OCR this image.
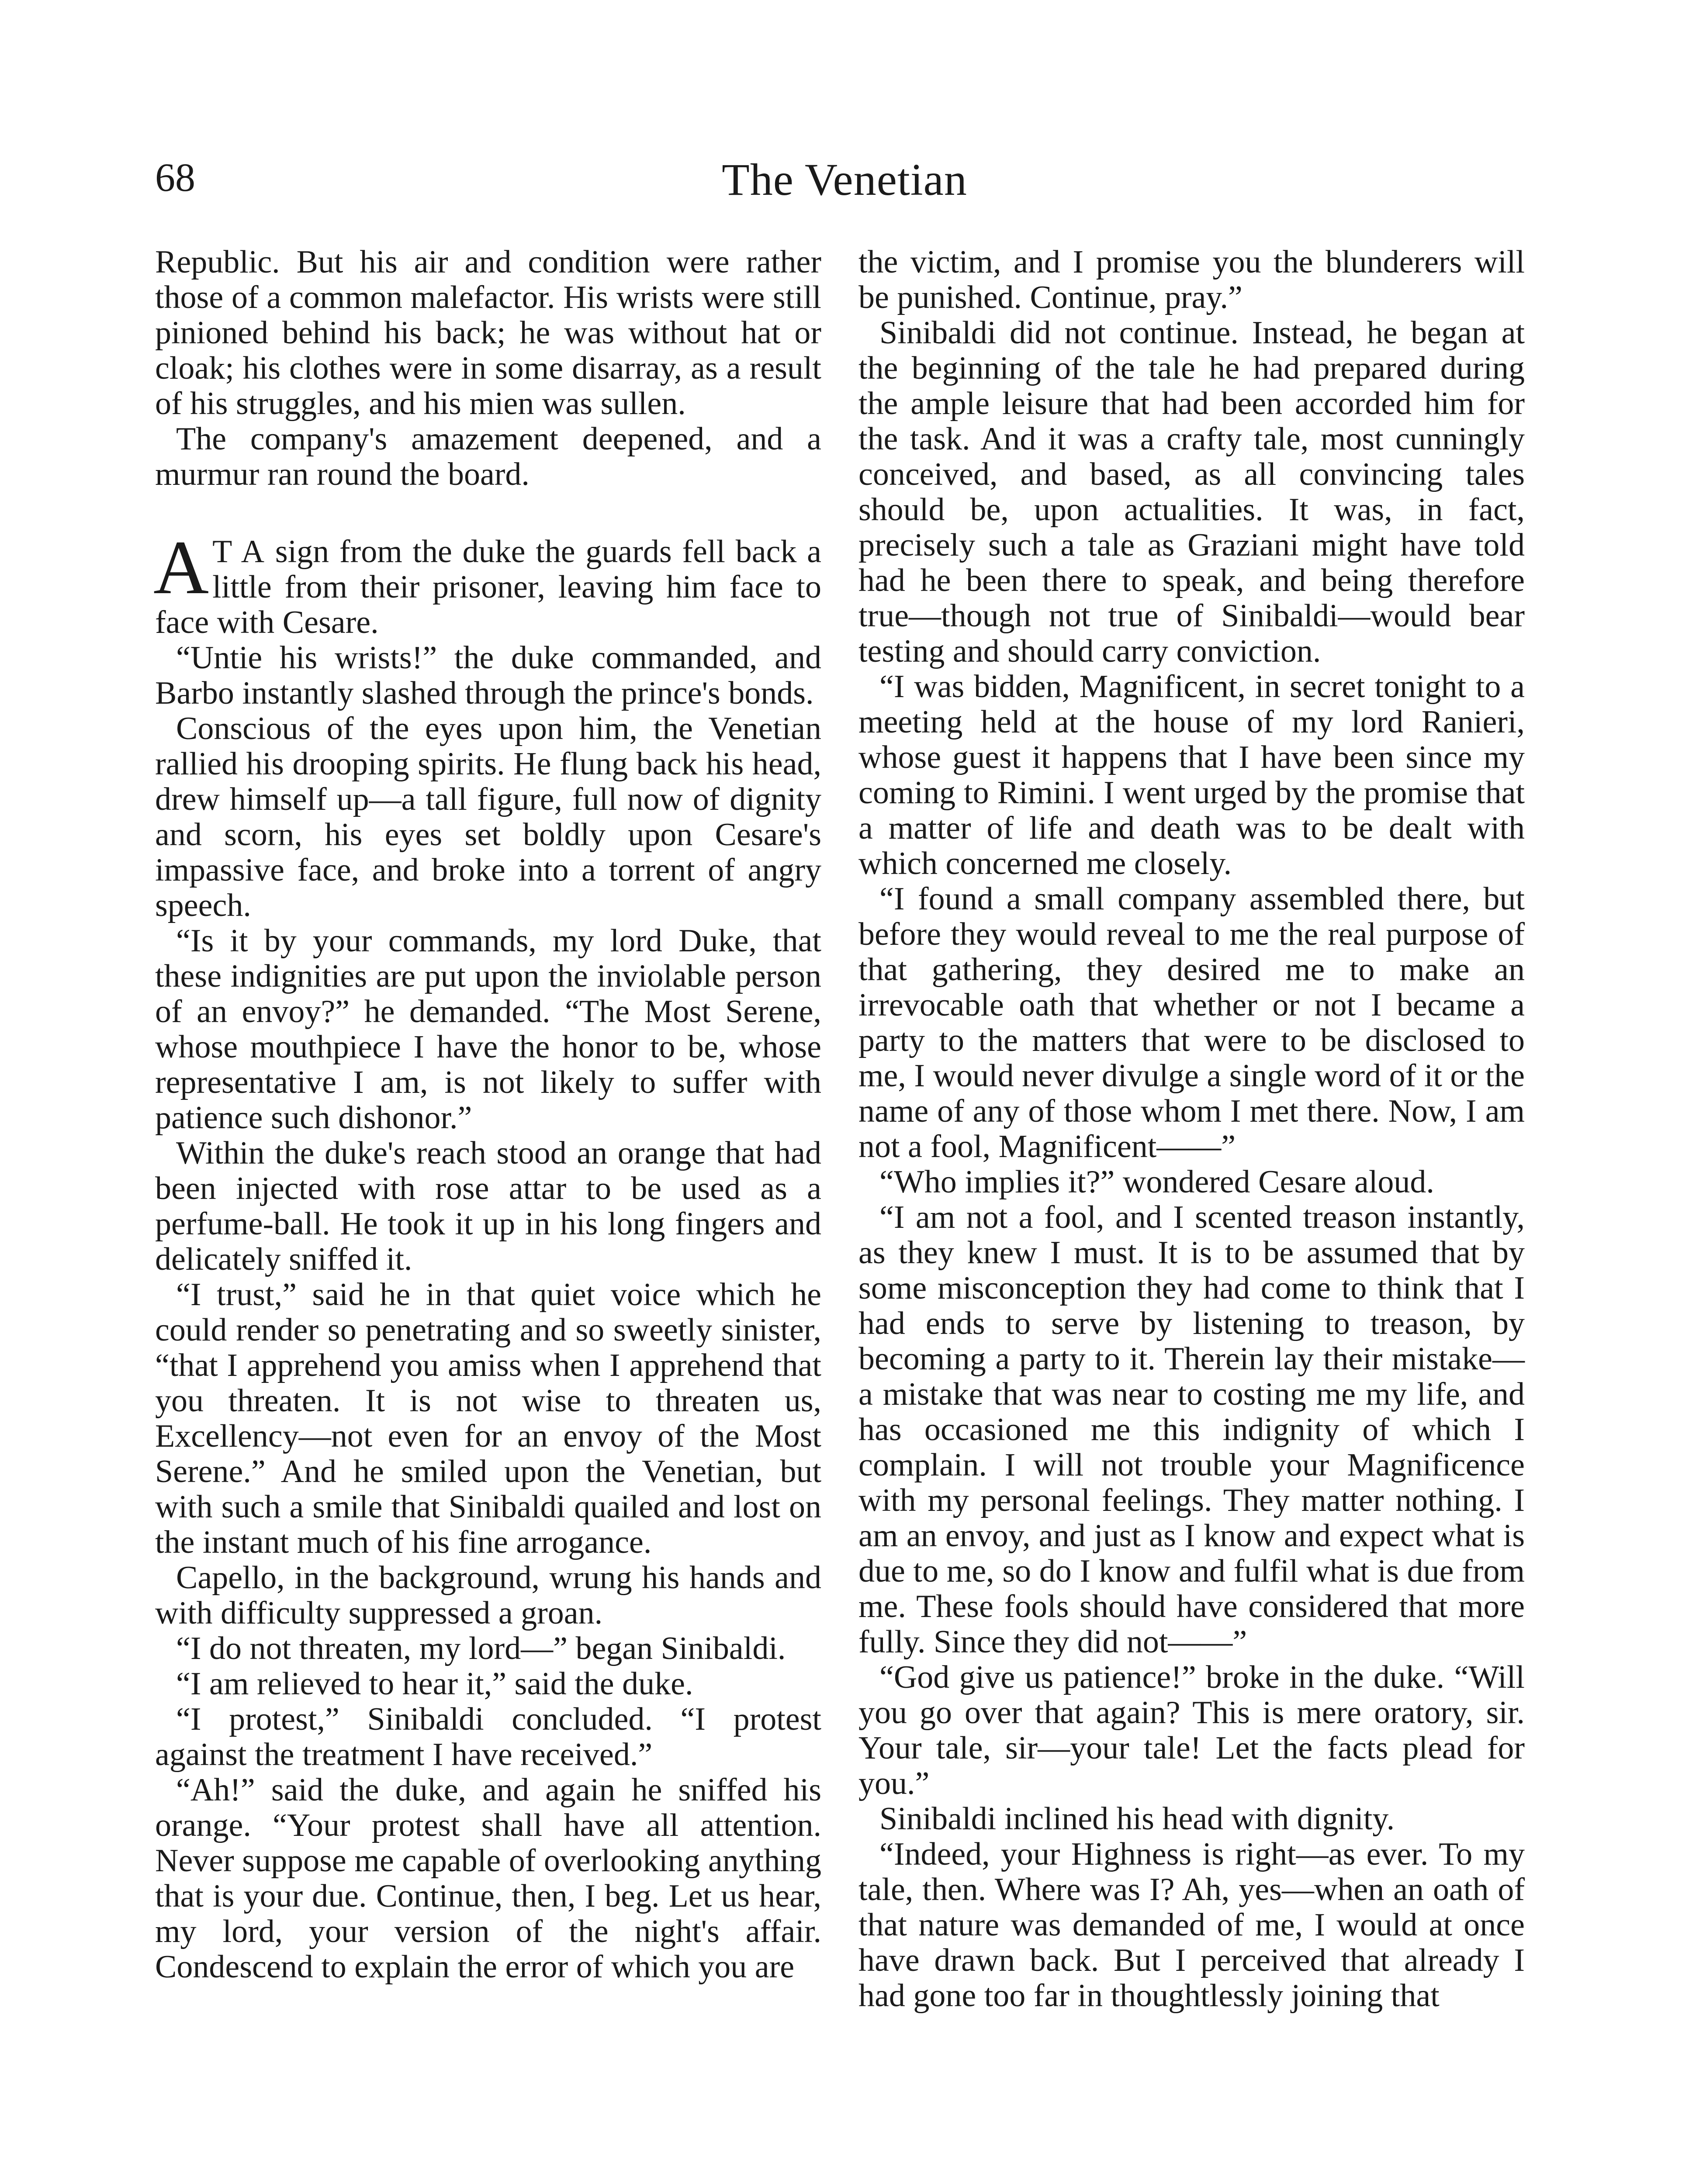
68	The Venetian

Republic. But his air and condition were rather those of a common malefactor. His wrists were still pinioned behind his back; he was without hat or cloak; his clothes were in some disarray, as a result of his struggles, and his mien was sullen.

The company's amazement deepened, and a murmur ran round the board.

A T A sign from the duke the guards fell back a little from their prisoner, leaving him face to face with Cesare.

“Untie his wrists!” the duke commanded, and Barbo instantly slashed through the prince's bonds.

Conscious of the eyes upon him, the Venetian rallied his drooping spirits. He flung back his head, drew himself up—a tall figure, full now of dignity and scorn, his eyes set boldly upon Cesare's impassive face, and broke into a torrent of angry speech.

“Is it by your commands, my lord Duke, that these indignities are put upon the inviolable person of an envoy?” he demanded. “The Most Serene, whose mouthpiece I have the honor to be, whose representative I am, is not likely to suffer with patience such dishonor.”

Within the duke's reach stood an orange that had been injected with rose attar to be used as a perfume-ball. He took it up in his long fingers and delicately sniffed it.

“I trust,” said he in that quiet voice which he could render so penetrating and so sweetly sinister, “that I apprehend you amiss when I apprehend that you threaten. It is not wise to threaten us, Excellency—not even for an envoy of the Most Serene.” And he smiled upon the Venetian, but with such a smile that Sinibaldi quailed and lost on the instant much of his fine arrogance.

Capello, in the background, wrung his hands and with difficulty suppressed a groan.

“I do not threaten, my lord—” began Sinibaldi.

“I am relieved to hear it,” said the duke.

“I protest,” Sinibaldi concluded. “I protest against the treatment I have received.”

“Ah!” said the duke, and again he sniffed his orange. “Your protest shall have all attention. Never suppose me capable of overlooking anything that is your due. Continue, then, I beg. Let us hear, my lord, your version of the night's affair. Condescend to explain the error of which you are

the victim, and I promise you the blunderers will be punished. Continue, pray.”

Sinibaldi did not continue. Instead, he began at the beginning of the tale he had prepared during the ample leisure that had been accorded him for the task. And it was a crafty tale, most cunningly conceived, and based, as all convincing tales should be, upon actualities. It was, in fact, precisely such a tale as Graziani might have told had he been there to speak, and being therefore true—though not true of Sinibaldi—would bear testing and should carry conviction.

“I was bidden, Magnificent, in secret tonight to a meeting held at the house of my lord Ranieri, whose guest it happens that I have been since my coming to Rimini. I went urged by the promise that a matter of life and death was to be dealt with which concerned me closely.

“I found a small company assembled there, but before they would reveal to me the real purpose of that gathering, they desired me to make an irrevocable oath that whether or not I became a party to the matters that were to be disclosed to me, I would never divulge a single word of it or the name of any of those whom I met there. Now, I am not a fool, Magnificent——”

“Who implies it?” wondered Cesare aloud.

“I am not a fool, and I scented treason instantly, as they knew I must. It is to be assumed that by some misconception they had come to think that I had ends to serve by listening to treason, by becoming a party to it. Therein lay their mistake—a mistake that was near to costing me my life, and has occasioned me this indignity of which I complain. I will not trouble your Magnificence with my personal feelings. They matter nothing. I am an envoy, and just as I know and expect what is due to me, so do I know and fulfil what is due from me. These fools should have considered that more fully. Since they did not——”

“God give us patience!” broke in the duke. “Will you go over that again? This is mere oratory, sir. Your tale, sir—your tale! Let the facts plead for you.”

Sinibaldi inclined his head with dignity.

“Indeed, your Highness is right—as ever. To my tale, then. Where was I? Ah, yes—when an oath of that nature was demanded of me, I would at once have drawn back. But I perceived that already I had gone too far in thoughtlessly joining that
